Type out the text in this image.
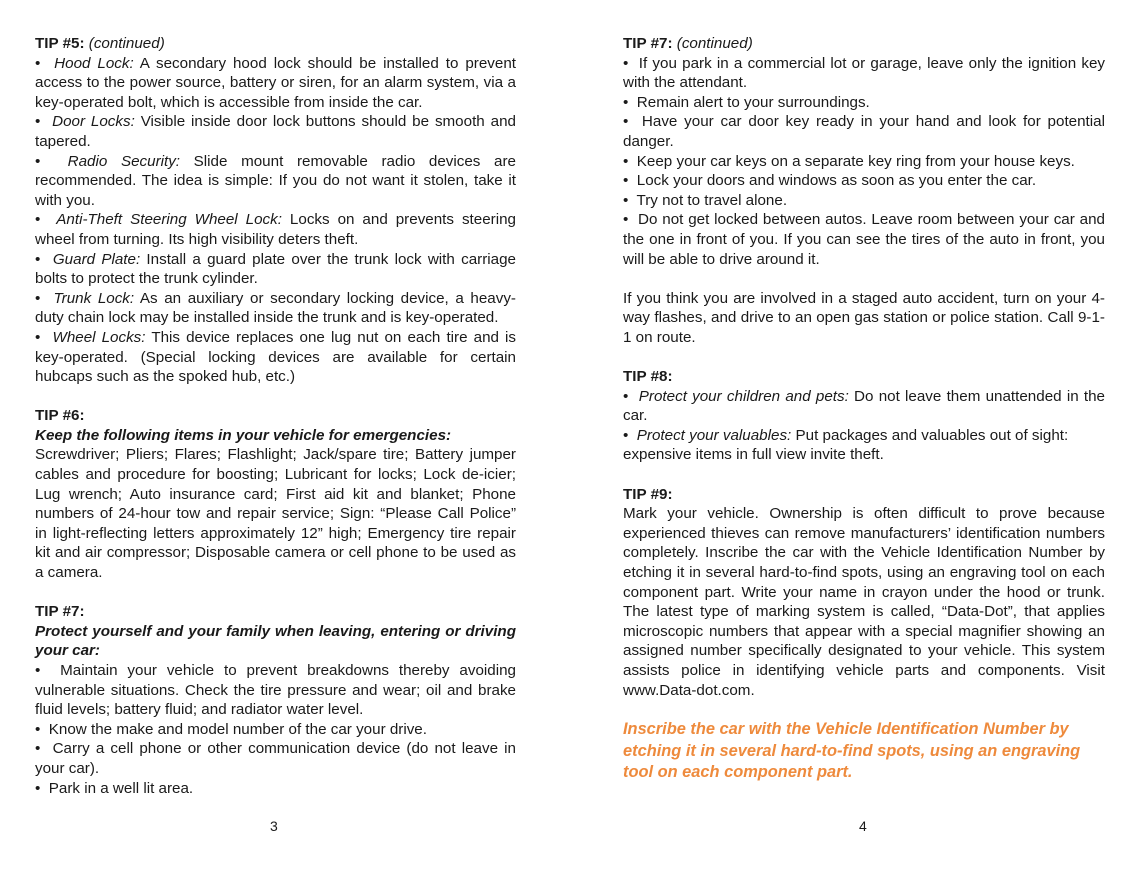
TIP #5: (continued)

• Hood Lock: A secondary hood lock should be installed to prevent access to the power source, battery or siren, for an alarm system, via a key-operated bolt, which is accessible from inside the car.

• Door Locks: Visible inside door lock buttons should be smooth and tapered.

• Radio Security: Slide mount removable radio devices are recommended. The idea is simple: If you do not want it stolen, take it with you.

• Anti-Theft Steering Wheel Lock: Locks on and prevents steering wheel from turning. Its high visibility deters theft.

• Guard Plate: Install a guard plate over the trunk lock with carriage bolts to protect the trunk cylinder.

• Trunk Lock: As an auxiliary or secondary locking device, a heavy-duty chain lock may be installed inside the trunk and is key-operated.

• Wheel Locks: This device replaces one lug nut on each tire and is key-operated. (Special locking devices are available for certain hubcaps such as the spoked hub, etc.)

TIP #6:

Keep the following items in your vehicle for emergencies:

Screwdriver; Pliers; Flares; Flashlight; Jack/spare tire; Battery jumper cables and procedure for boosting; Lubricant for locks; Lock de-icier; Lug wrench; Auto insurance card; First aid kit and blanket; Phone numbers of 24-hour tow and repair service; Sign: “Please Call Police” in light-reflecting letters approximately 12” high; Emergency tire repair kit and air compressor; Disposable camera or cell phone to be used as a camera.

TIP #7:

Protect yourself and your family when leaving, entering or driving your car:

• Maintain your vehicle to prevent breakdowns thereby avoiding vulnerable situations. Check the tire pressure and wear; oil and brake fluid levels; battery fluid; and radiator water level.

• Know the make and model number of the car your drive.

• Carry a cell phone or other communication device (do not leave in your car).

• Park in a well lit area.

3

TIP #7: (continued)

• If you park in a commercial lot or garage, leave only the ignition key with the attendant.

• Remain alert to your surroundings.

• Have your car door key ready in your hand and look for potential danger.

• Keep your car keys on a separate key ring from your house keys.

• Lock your doors and windows as soon as you enter the car.

• Try not to travel alone.

• Do not get locked between autos. Leave room between your car and the one in front of you. If you can see the tires of the auto in front, you will be able to drive around it.

If you think you are involved in a staged auto accident, turn on your 4-way flashes, and drive to an open gas station or police station. Call 9-1-1 on route.

TIP #8:

• Protect your children and pets: Do not leave them unattended in the car.

• Protect your valuables: Put packages and valuables out of sight: expensive items in full view invite theft.

TIP #9:

Mark your vehicle. Ownership is often difficult to prove because experienced thieves can remove manufacturers’ identification numbers completely. Inscribe the car with the Vehicle Identification Number by etching it in several hard-to-find spots, using an engraving tool on each component part. Write your name in crayon under the hood or trunk. The latest type of marking system is called, “Data-Dot”, that applies microscopic numbers that appear with a special magnifier showing an assigned number specifically designated to your vehicle. This system assists police in identifying vehicle parts and components. Visit www.Data-dot.com.

Inscribe the car with the Vehicle Identification Number by etching it in several hard-to-find spots, using an engraving tool on each component part.

4
